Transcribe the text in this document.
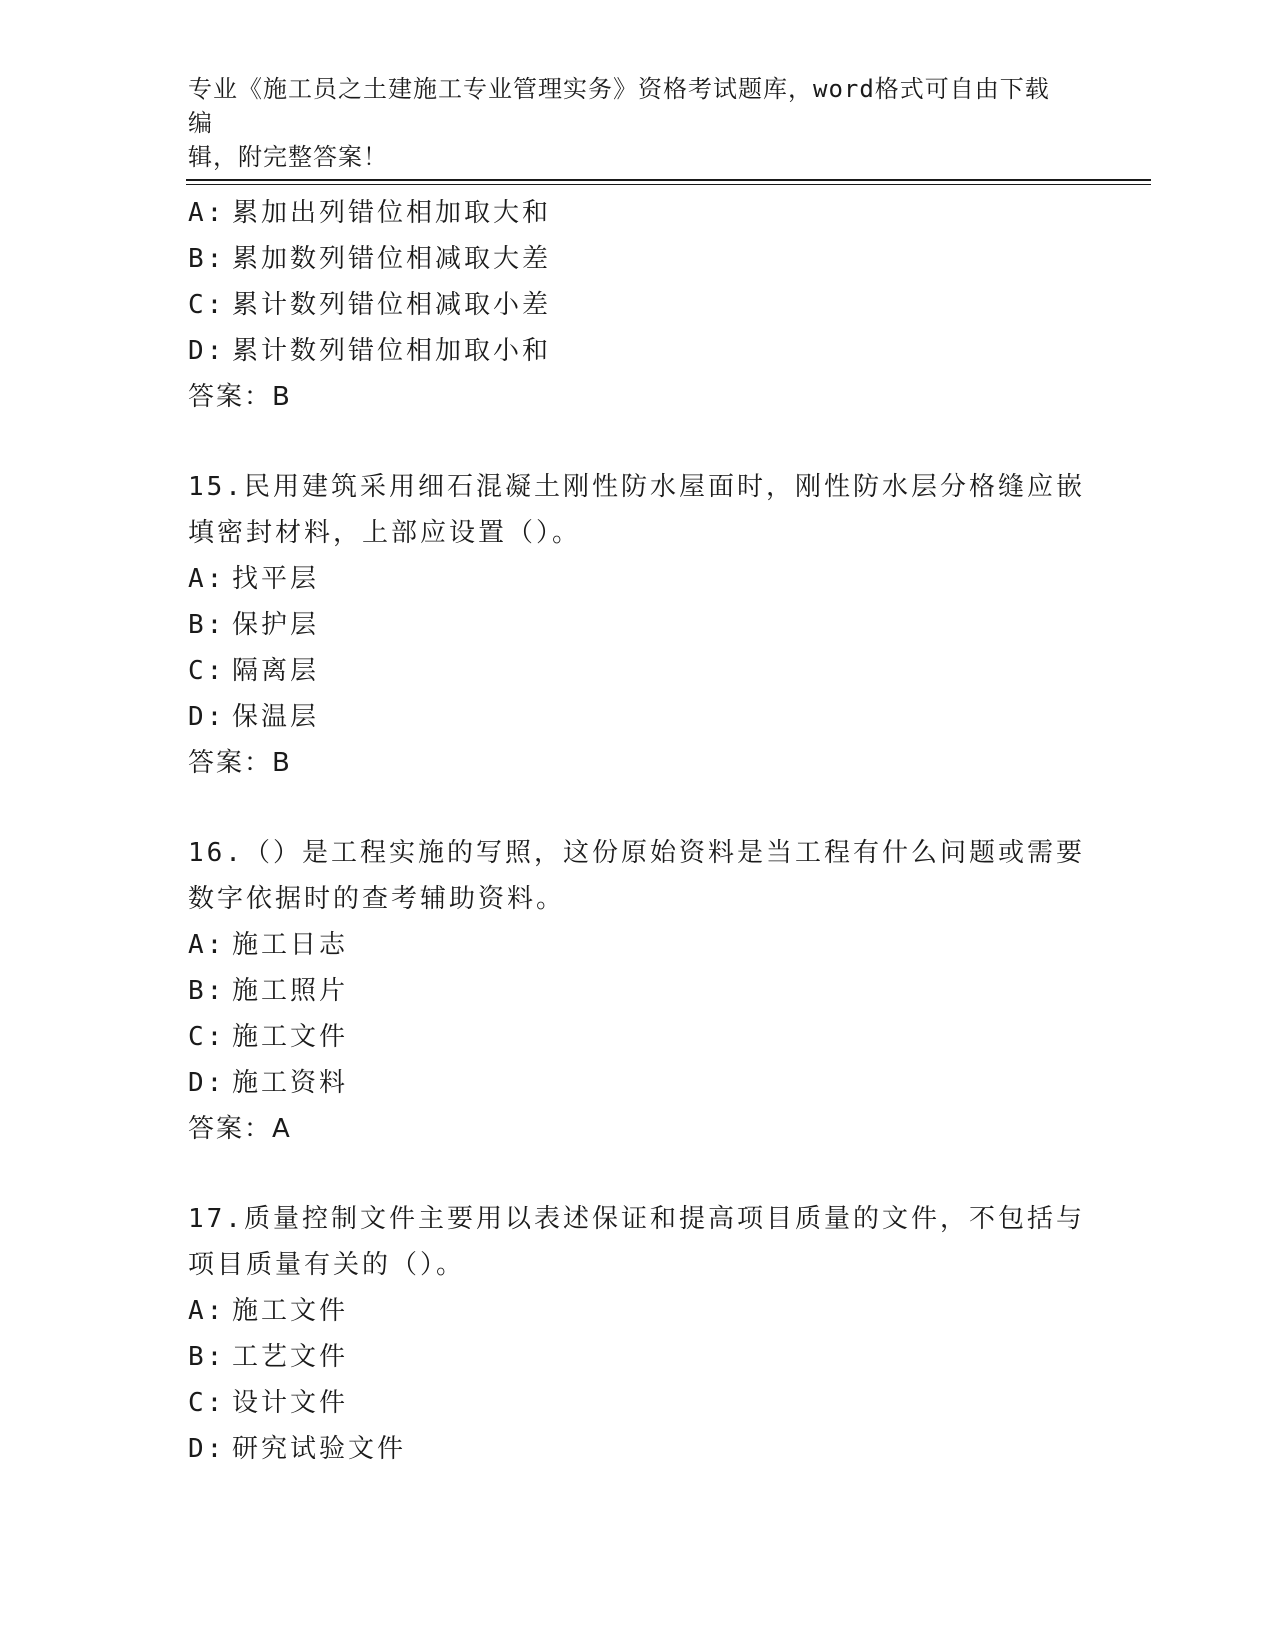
专业《施工员之土建施工专业管理实务》资格考试题库，word格式可自由下载编
辑，附完整答案！
A: 累加出列错位相加取大和
B: 累加数列错位相减取大差
C: 累计数列错位相减取小差
D: 累计数列错位相加取小和
答案：B
15.民用建筑采用细石混凝土刚性防水屋面时，刚性防水层分格缝应嵌
填密封材料，上部应设置（）。
A: 找平层
B: 保护层
C: 隔离层
D: 保温层
答案：B
16.（）是工程实施的写照，这份原始资料是当工程有什么问题或需要
数字依据时的查考辅助资料。
A: 施工日志
B: 施工照片
C: 施工文件
D: 施工资料
答案：A
17.质量控制文件主要用以表述保证和提高项目质量的文件，不包括与
项目质量有关的（）。
A: 施工文件
B: 工艺文件
C: 设计文件
D: 研究试验文件
